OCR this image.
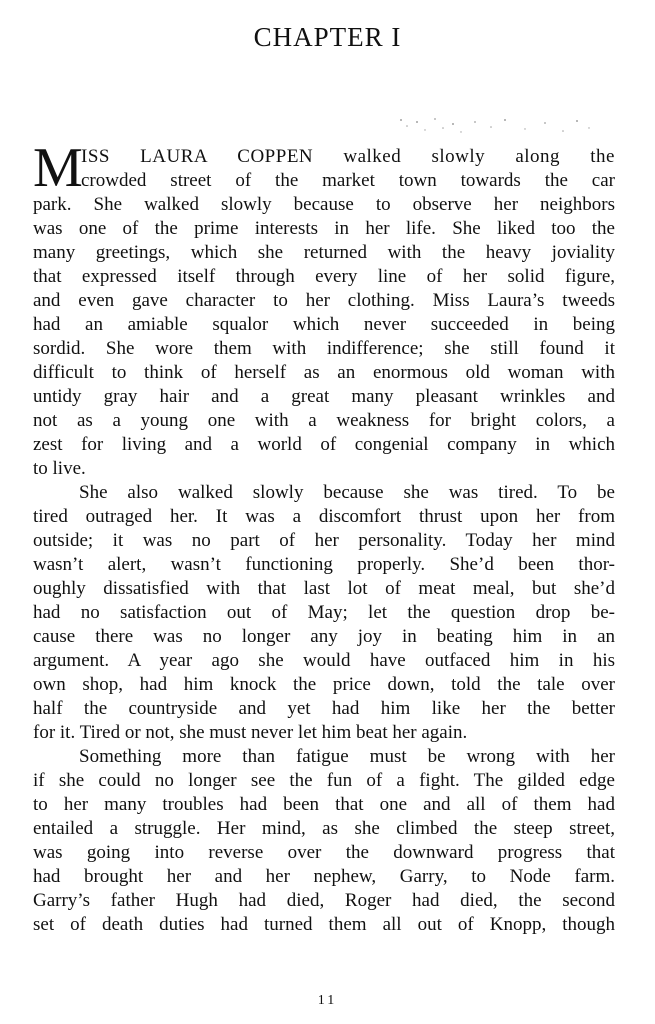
CHAPTER I
M
ISS LAURA COPPEN walked slowly along the
crowded street of the market town towards the car
park. She walked slowly because to observe her neighbors
was one of the prime interests in her life. She liked too the
many greetings, which she returned with the heavy joviality
that expressed itself through every line of her solid figure,
and even gave character to her clothing. Miss Laura’s tweeds
had an amiable squalor which never succeeded in being
sordid. She wore them with indifference; she still found it
difficult to think of herself as an enormous old woman with
untidy gray hair and a great many pleasant wrinkles and
not as a young one with a weakness for bright colors, a
zest for living and a world of congenial company in which
to live.
She also walked slowly because she was tired. To be
tired outraged her. It was a discomfort thrust upon her from
outside; it was no part of her personality. Today her mind
wasn’t alert, wasn’t functioning properly. She’d been thor-
oughly dissatisfied with that last lot of meat meal, but she’d
had no satisfaction out of May; let the question drop be-
cause there was no longer any joy in beating him in an
argument. A year ago she would have outfaced him in his
own shop, had him knock the price down, told the tale over
half the countryside and yet had him like her the better
for it. Tired or not, she must never let him beat her again.
Something more than fatigue must be wrong with her
if she could no longer see the fun of a fight. The gilded edge
to her many troubles had been that one and all of them had
entailed a struggle. Her mind, as she climbed the steep street,
was going into reverse over the downward progress that
had brought her and her nephew, Garry, to Node farm.
Garry’s father Hugh had died, Roger had died, the second
set of death duties had turned them all out of Knopp, though
11
